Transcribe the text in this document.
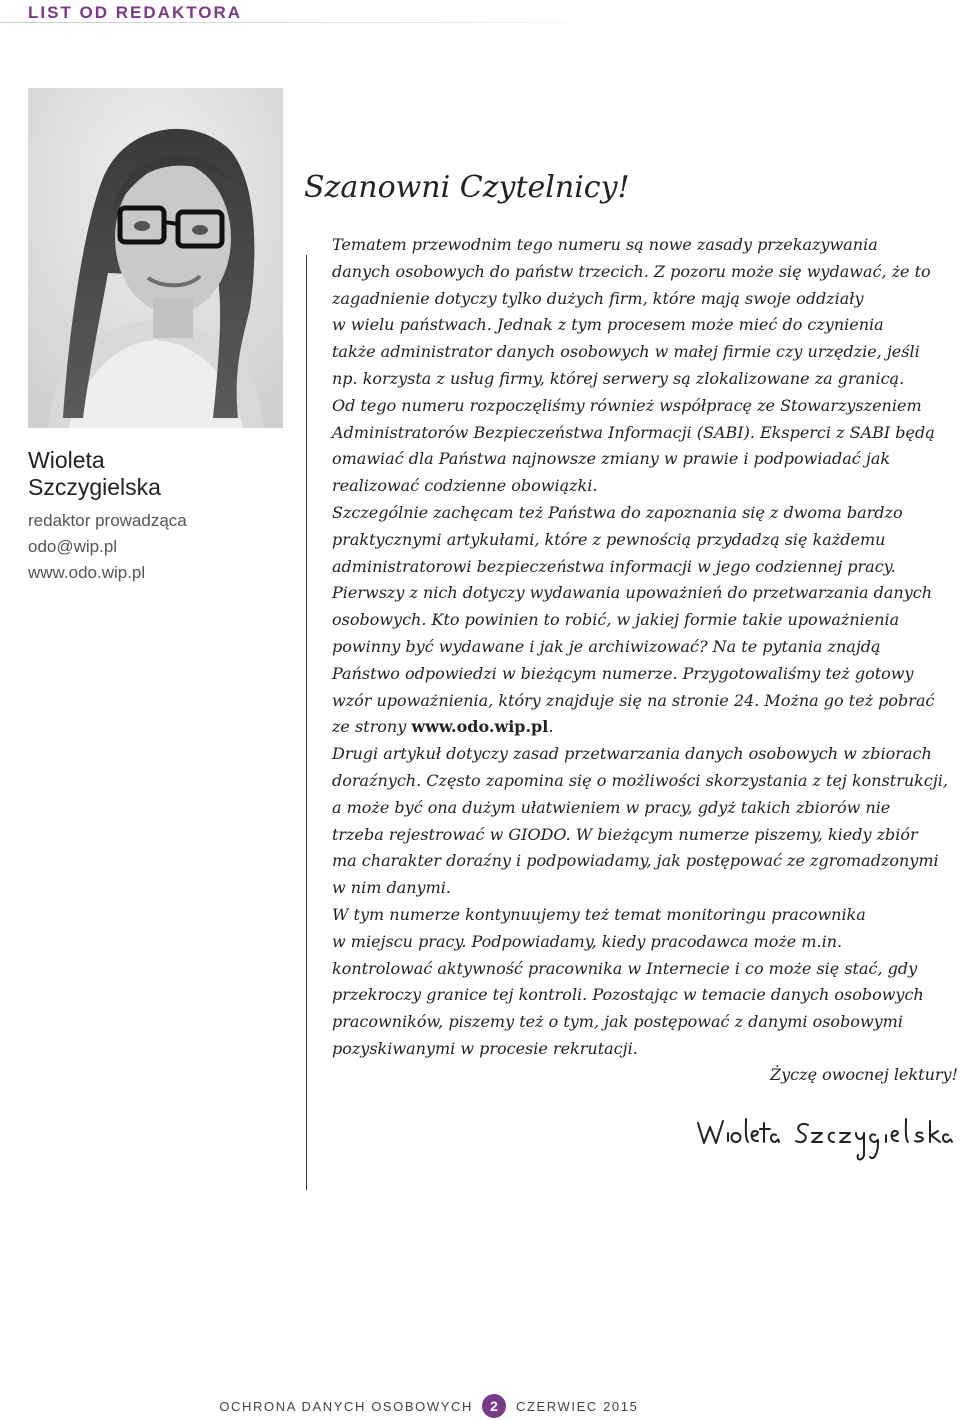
LIST OD REDAKTORA
Wioleta
Szczygielska
redaktor prowadząca
odo@wip.pl
www.odo.wip.pl
Szanowni Czytelnicy!
Tematem przewodnim tego numeru są nowe zasady przekazywania
danych osobowych do państw trzecich. Z pozoru może się wydawać, że to
zagadnienie dotyczy tylko dużych firm, które mają swoje oddziały
w wielu państwach. Jednak z tym procesem może mieć do czynienia
także administrator danych osobowych w małej firmie czy urzędzie, jeśli
np. korzysta z usług firmy, której serwery są zlokalizowane za granicą.
Od tego numeru rozpoczęliśmy również współpracę ze Stowarzyszeniem
Administratorów Bezpieczeństwa Informacji (SABI). Eksperci z SABI będą
omawiać dla Państwa najnowsze zmiany w prawie i podpowiadać jak
realizować codzienne obowiązki.
Szczególnie zachęcam też Państwa do zapoznania się z dwoma bardzo
praktycznymi artykułami, które z pewnością przydadzą się każdemu
administratorowi bezpieczeństwa informacji w jego codziennej pracy.
Pierwszy z nich dotyczy wydawania upoważnień do przetwarzania danych
osobowych. Kto powinien to robić, w jakiej formie takie upoważnienia
powinny być wydawane i jak je archiwizować? Na te pytania znajdą
Państwo odpowiedzi w bieżącym numerze. Przygotowaliśmy też gotowy
wzór upoważnienia, który znajduje się na stronie 24. Można go też pobrać
ze strony www.odo.wip.pl.
Drugi artykuł dotyczy zasad przetwarzania danych osobowych w zbiorach
doraźnych. Często zapomina się o możliwości skorzystania z tej konstrukcji,
a może być ona dużym ułatwieniem w pracy, gdyż takich zbiorów nie
trzeba rejestrować w GIODO. W bieżącym numerze piszemy, kiedy zbiór
ma charakter doraźny i podpowiadamy, jak postępować ze zgromadzonymi
w nim danymi.
W tym numerze kontynuujemy też temat monitoringu pracownika
w miejscu pracy. Podpowiadamy, kiedy pracodawca może m.in.
kontrolować aktywność pracownika w Internecie i co może się stać, gdy
przekroczy granice tej kontroli. Pozostając w temacie danych osobowych
pracowników, piszemy też o tym, jak postępować z danymi osobowymi
pozyskiwanymi w procesie rekrutacji.
Życzę owocnej lektury!
OCHRONA DANYCH OSOBOWYCH	2	CZERWIEC 2015
